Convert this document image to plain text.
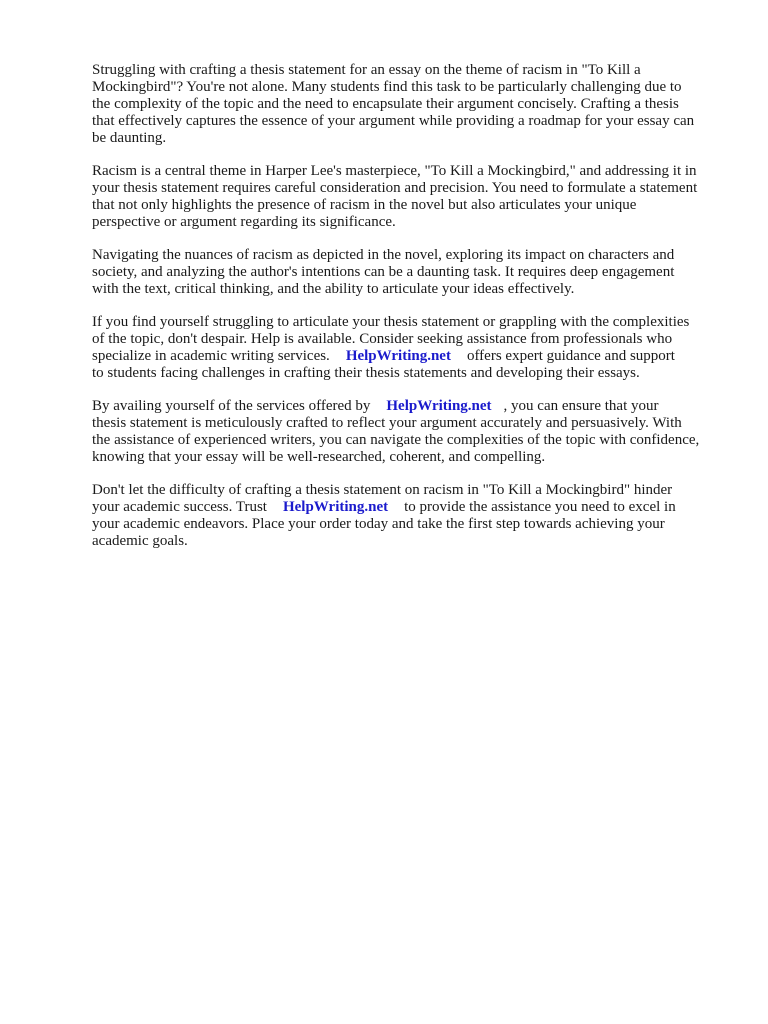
Struggling with crafting a thesis statement for an essay on the theme of racism in "To Kill a
Mockingbird"? You're not alone. Many students find this task to be particularly challenging due to
the complexity of the topic and the need to encapsulate their argument concisely. Crafting a thesis
that effectively captures the essence of your argument while providing a roadmap for your essay can
be daunting.

Racism is a central theme in Harper Lee's masterpiece, "To Kill a Mockingbird," and addressing it in
your thesis statement requires careful consideration and precision. You need to formulate a statement
that not only highlights the presence of racism in the novel but also articulates your unique
perspective or argument regarding its significance.

Navigating the nuances of racism as depicted in the novel, exploring its impact on characters and
society, and analyzing the author's intentions can be a daunting task. It requires deep engagement
with the text, critical thinking, and the ability to articulate your ideas effectively.

If you find yourself struggling to articulate your thesis statement or grappling with the complexities
of the topic, don't despair. Help is available. Consider seeking assistance from professionals who
specialize in academic writing services. HelpWriting.net offers expert guidance and support
to students facing challenges in crafting their thesis statements and developing their essays.

By availing yourself of the services offered by HelpWriting.net , you can ensure that your
thesis statement is meticulously crafted to reflect your argument accurately and persuasively. With
the assistance of experienced writers, you can navigate the complexities of the topic with confidence,
knowing that your essay will be well-researched, coherent, and compelling.

Don't let the difficulty of crafting a thesis statement on racism in "To Kill a Mockingbird" hinder
your academic success. Trust HelpWriting.net to provide the assistance you need to excel in
your academic endeavors. Place your order today and take the first step towards achieving your
academic goals.
